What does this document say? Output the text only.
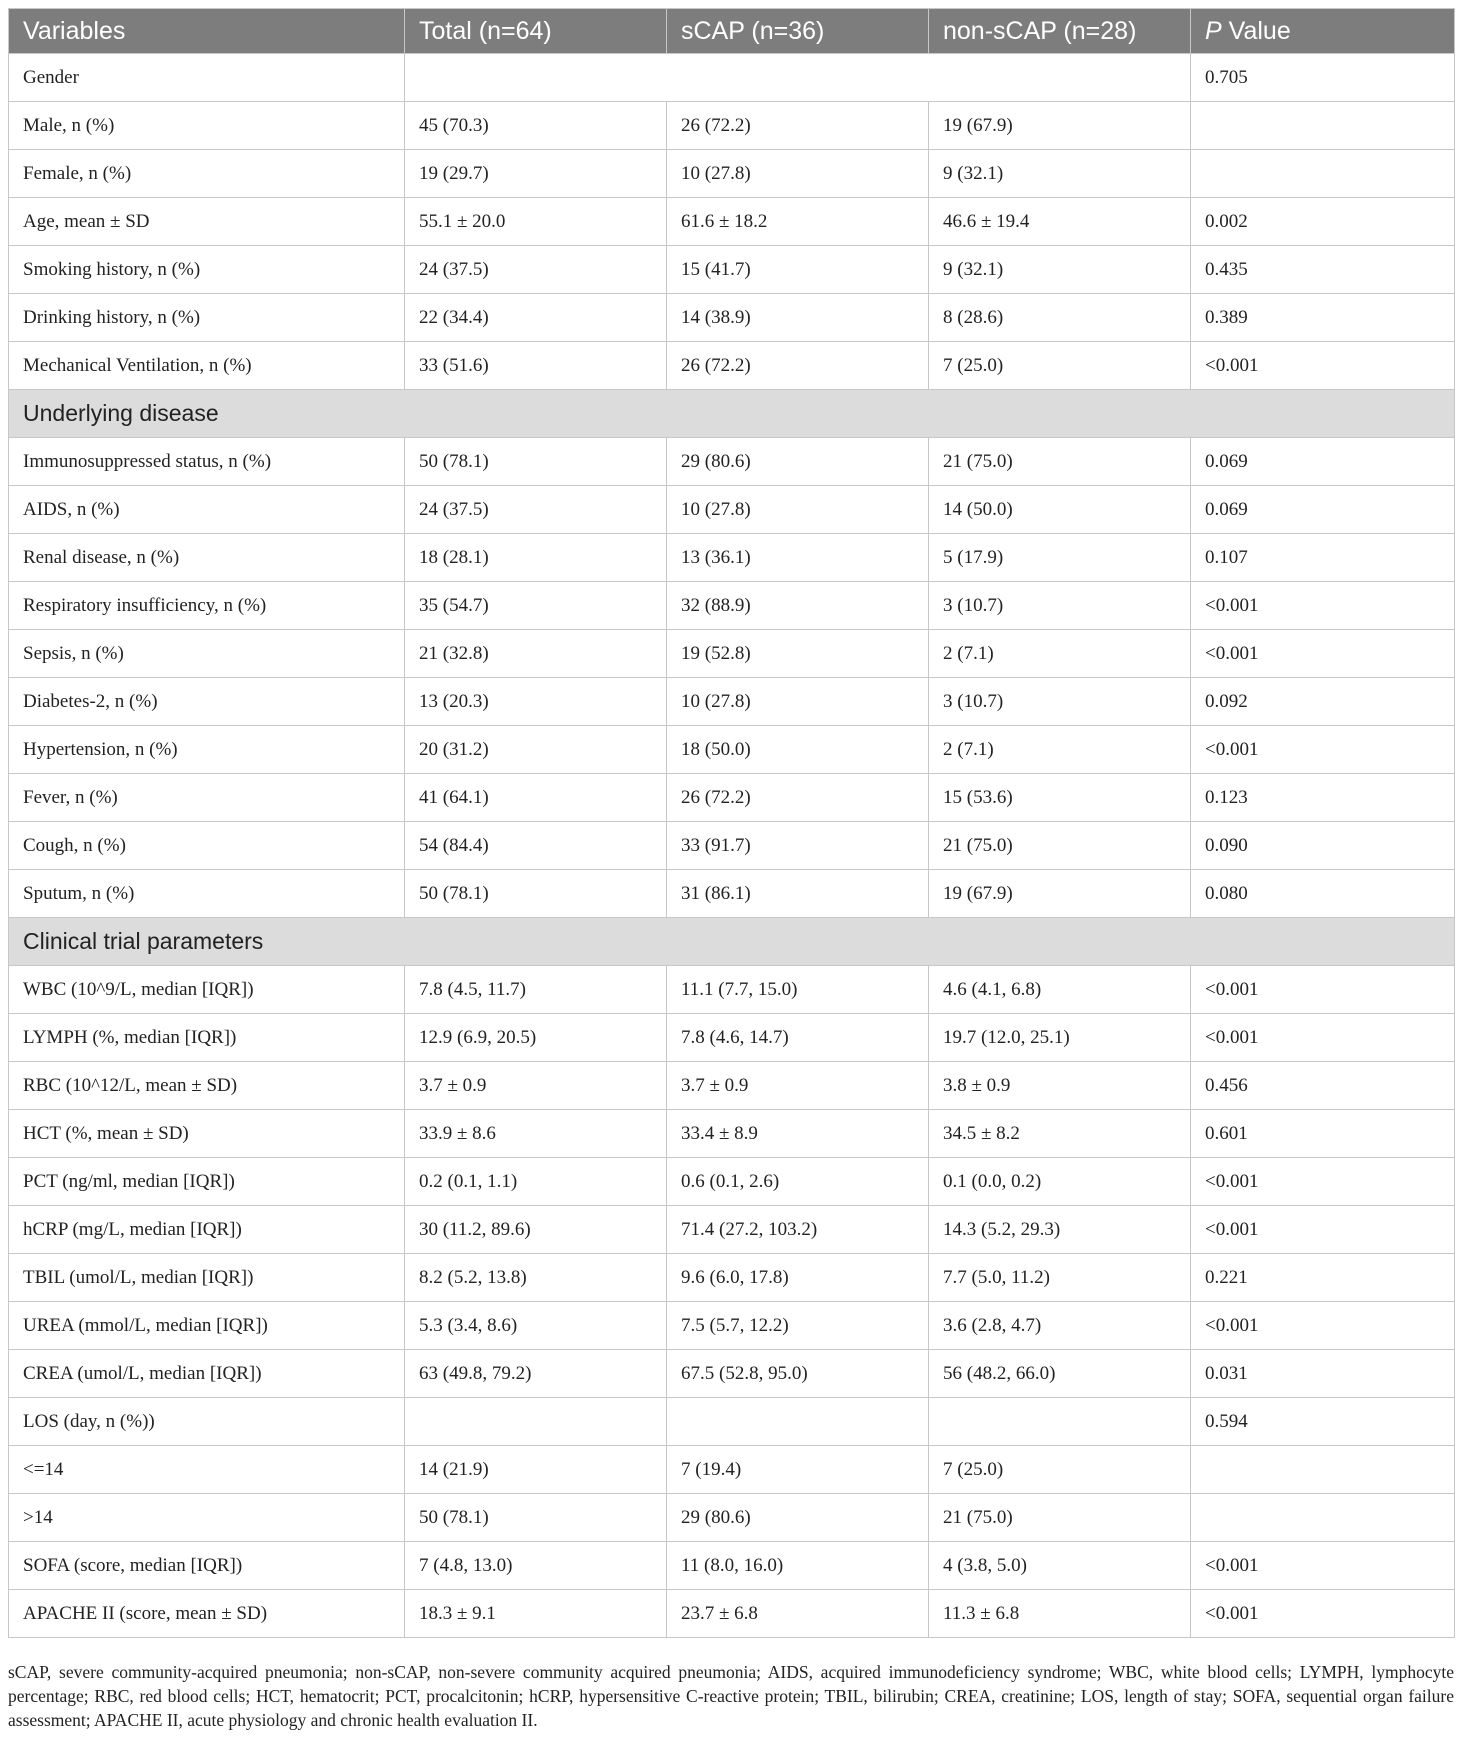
Variables	Total (n=64)	sCAP (n=36)	non-sCAP (n=28)	P Value
Gender				0.705
Male, n (%)	45 (70.3)	26 (72.2)	19 (67.9)	
Female, n (%)	19 (29.7)	10 (27.8)	9 (32.1)	
Age, mean ± SD	55.1 ± 20.0	61.6 ± 18.2	46.6 ± 19.4	0.002
Smoking history, n (%)	24 (37.5)	15 (41.7)	9 (32.1)	0.435
Drinking history, n (%)	22 (34.4)	14 (38.9)	8 (28.6)	0.389
Mechanical Ventilation, n (%)	33 (51.6)	26 (72.2)	7 (25.0)	<0.001
Underlying disease				
Immunosuppressed status, n (%)	50 (78.1)	29 (80.6)	21 (75.0)	0.069
AIDS, n (%)	24 (37.5)	10 (27.8)	14 (50.0)	0.069
Renal disease, n (%)	18 (28.1)	13 (36.1)	5 (17.9)	0.107
Respiratory insufficiency, n (%)	35 (54.7)	32 (88.9)	3 (10.7)	<0.001
Sepsis, n (%)	21 (32.8)	19 (52.8)	2 (7.1)	<0.001
Diabetes-2, n (%)	13 (20.3)	10 (27.8)	3 (10.7)	0.092
Hypertension, n (%)	20 (31.2)	18 (50.0)	2 (7.1)	<0.001
Fever, n (%)	41 (64.1)	26 (72.2)	15 (53.6)	0.123
Cough, n (%)	54 (84.4)	33 (91.7)	21 (75.0)	0.090
Sputum, n (%)	50 (78.1)	31 (86.1)	19 (67.9)	0.080
Clinical trial parameters				
WBC (10^9/L, median [IQR])	7.8 (4.5, 11.7)	11.1 (7.7, 15.0)	4.6 (4.1, 6.8)	<0.001
LYMPH (%, median [IQR])	12.9 (6.9, 20.5)	7.8 (4.6, 14.7)	19.7 (12.0, 25.1)	<0.001
RBC (10^12/L, mean ± SD)	3.7 ± 0.9	3.7 ± 0.9	3.8 ± 0.9	0.456
HCT (%, mean ± SD)	33.9 ± 8.6	33.4 ± 8.9	34.5 ± 8.2	0.601
PCT (ng/ml, median [IQR])	0.2 (0.1, 1.1)	0.6 (0.1, 2.6)	0.1 (0.0, 0.2)	<0.001
hCRP (mg/L, median [IQR])	30 (11.2, 89.6)	71.4 (27.2, 103.2)	14.3 (5.2, 29.3)	<0.001
TBIL (umol/L, median [IQR])	8.2 (5.2, 13.8)	9.6 (6.0, 17.8)	7.7 (5.0, 11.2)	0.221
UREA (mmol/L, median [IQR])	5.3 (3.4, 8.6)	7.5 (5.7, 12.2)	3.6 (2.8, 4.7)	<0.001
CREA (umol/L, median [IQR])	63 (49.8, 79.2)	67.5 (52.8, 95.0)	56 (48.2, 66.0)	0.031
LOS (day, n (%))				0.594
<=14	14 (21.9)	7 (19.4)	7 (25.0)	
>14	50 (78.1)	29 (80.6)	21 (75.0)	
SOFA (score, median [IQR])	7 (4.8, 13.0)	11 (8.0, 16.0)	4 (3.8, 5.0)	<0.001
APACHE II (score, mean ± SD)	18.3 ± 9.1	23.7 ± 6.8	11.3 ± 6.8	<0.001
sCAP, severe community-acquired pneumonia; non-sCAP, non-severe community acquired pneumonia; AIDS, acquired immunodeficiency syndrome; WBC, white blood cells; LYMPH, lymphocyte percentage; RBC, red blood cells; HCT, hematocrit; PCT, procalcitonin; hCRP, hypersensitive C-reactive protein; TBIL, bilirubin; CREA, creatinine; LOS, length of stay; SOFA, sequential organ failure assessment; APACHE II, acute physiology and chronic health evaluation II.
